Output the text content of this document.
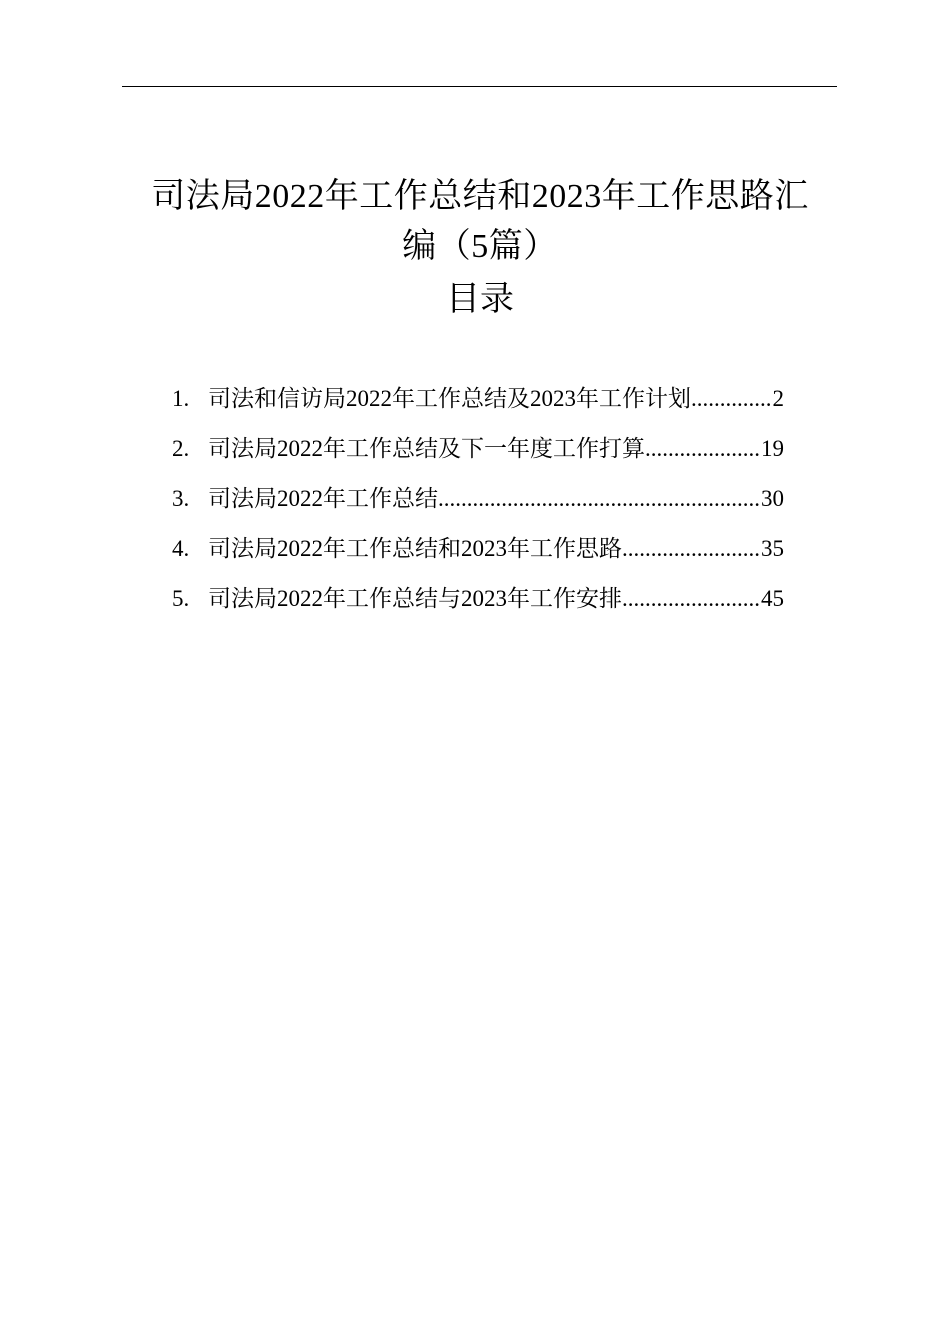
司法局2022年工作总结和2023年工作思路汇
编（5篇）
目录
1. 司法和信访局2022年工作总结及2023年工作计划 .....	2
2. 司法局2022年工作总结及下一年度工作打算 .....	19
3. 司法局2022年工作总结 .....	30
4. 司法局2022年工作总结和2023年工作思路 .....	35
5. 司法局2022年工作总结与2023年工作安排 .....	45
